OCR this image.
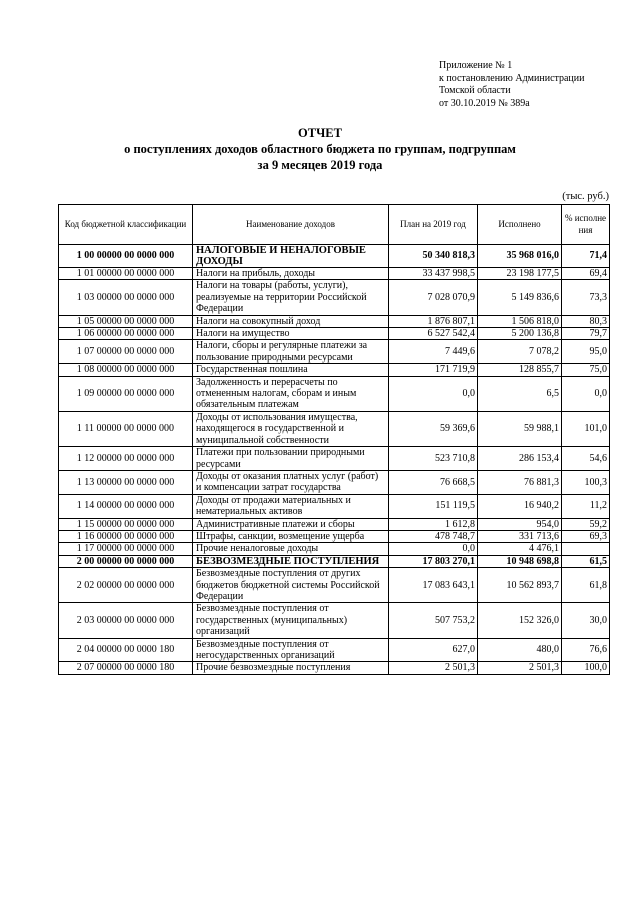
Приложение № 1
к постановлению Администрации
Томской области
от 30.10.2019 № 389а
ОТЧЕТ
о поступлениях доходов областного бюджета по группам, подгруппам
за 9 месяцев 2019 года
(тыс. руб.)
Код бюджетной классификации	Наименование доходов	План на 2019 год	Исполнено	% исполне ния
1 00 00000 00 0000 000	НАЛОГОВЫЕ И НЕНАЛОГОВЫЕ ДОХОДЫ	50 340 818,3	35 968 016,0	71,4
1 01 00000 00 0000 000	Налоги на прибыль, доходы	33 437 998,5	23 198 177,5	69,4
1 03 00000 00 0000 000	Налоги на товары (работы, услуги), реализуемые на территории Российской Федерации	7 028 070,9	5 149 836,6	73,3
1 05 00000 00 0000 000	Налоги на совокупный доход	1 876 807,1	1 506 818,0	80,3
1 06 00000 00 0000 000	Налоги на имущество	6 527 542,4	5 200 136,8	79,7
1 07 00000 00 0000 000	Налоги, сборы и регулярные платежи за пользование природными ресурсами	7 449,6	7 078,2	95,0
1 08 00000 00 0000 000	Государственная пошлина	171 719,9	128 855,7	75,0
1 09 00000 00 0000 000	Задолженность и перерасчеты по отмененным налогам, сборам и иным обязательным платежам	0,0	6,5	0,0
1 11 00000 00 0000 000	Доходы от использования имущества, находящегося в государственной и муниципальной собственности	59 369,6	59 988,1	101,0
1 12 00000 00 0000 000	Платежи при пользовании природными ресурсами	523 710,8	286 153,4	54,6
1 13 00000 00 0000 000	Доходы от оказания платных услуг (работ) и компенсации затрат государства	76 668,5	76 881,3	100,3
1 14 00000 00 0000 000	Доходы от продажи материальных и нематериальных активов	151 119,5	16 940,2	11,2
1 15 00000 00 0000 000	Административные платежи и сборы	1 612,8	954,0	59,2
1 16 00000 00 0000 000	Штрафы, санкции, возмещение ущерба	478 748,7	331 713,6	69,3
1 17 00000 00 0000 000	Прочие неналоговые доходы	0,0	4 476,1	
2 00 00000 00 0000 000	БЕЗВОЗМЕЗДНЫЕ ПОСТУПЛЕНИЯ	17 803 270,1	10 948 698,8	61,5
2 02 00000 00 0000 000	Безвозмездные поступления от других бюджетов бюджетной системы Российской Федерации	17 083 643,1	10 562 893,7	61,8
2 03 00000 00 0000 000	Безвозмездные поступления от государственных (муниципальных) организаций	507 753,2	152 326,0	30,0
2 04 00000 00 0000 180	Безвозмездные поступления от негосударственных организаций	627,0	480,0	76,6
2 07 00000 00 0000 180	Прочие безвозмездные поступления	2 501,3	2 501,3	100,0
